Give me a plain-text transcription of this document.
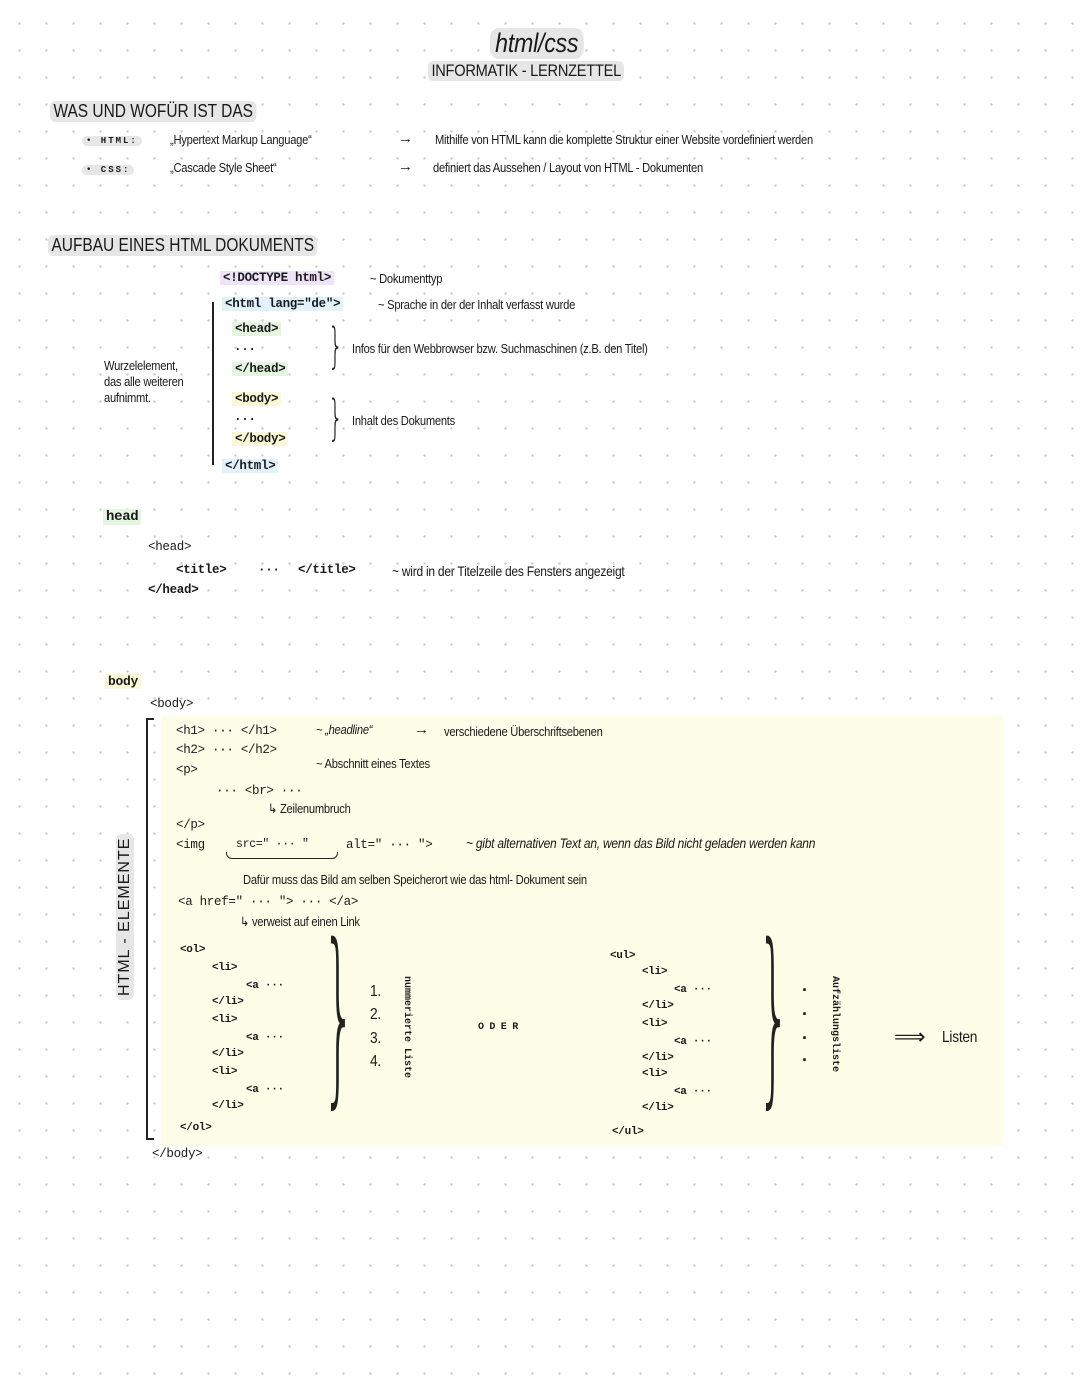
html/css
INFORMATIK - LERNZETTEL
WAS UND WOFÜR IST DAS
• HTML:	„Hypertext Markup Language“	→ Mithilfe von HTML kann die komplette Struktur einer Website vordefiniert werden
• CSS:	„Cascade Style Sheet“	→ definiert das Aussehen / Layout von HTML - Dokumenten
AUFBAU EINES HTML DOKUMENTS
<!DOCTYPE html>	~ Dokumenttyp
<html lang="de">	~ Sprache in der der Inhalt verfasst wurde
<head>
...
</head> } Infos für den Webbrowser bzw. Suchmaschinen (z.B. den Titel)
<body>
...
</body> } Inhalt des Dokuments
</html>
Wurzelelement,
das alle weiteren
aufnimmt.
head
<head>
<title>	··· </title>	~ wird in der Titelzeile des Fensters angezeigt
</head>
body
<body>
HTML - ELEMENTE
<h1> ··· </h1>	~ „headline“	→ verschiedene Überschriftsebenen
<h2> ··· </h2>
<p>	~ Abschnitt eines Textes
··· <br> ···
↳ Zeilenumbruch
</p>
<img	src=" ··· "	alt=" ··· "> ~ gibt alternativen Text an, wenn das Bild nicht geladen werden kann
Dafür muss das Bild am selben Speicherort wie das html- Dokument sein
<a href=" ··· "> ··· </a>
↳ verweist auf einen Link
<ol>
<li>
<a ···
</li>
<li>
<a ···
</li>
<li>
<a ···
</li>
</ol>
} 1.
2.
3.
4. nummerierte Liste	O D E R
<ul>
<li>
<a ···
</li>
<li>
<a ···
</li>
<li>
<a ···
</li>
</ul>
} ·
·
·
· Aufzählungsliste ⟹ Listen
</body>
